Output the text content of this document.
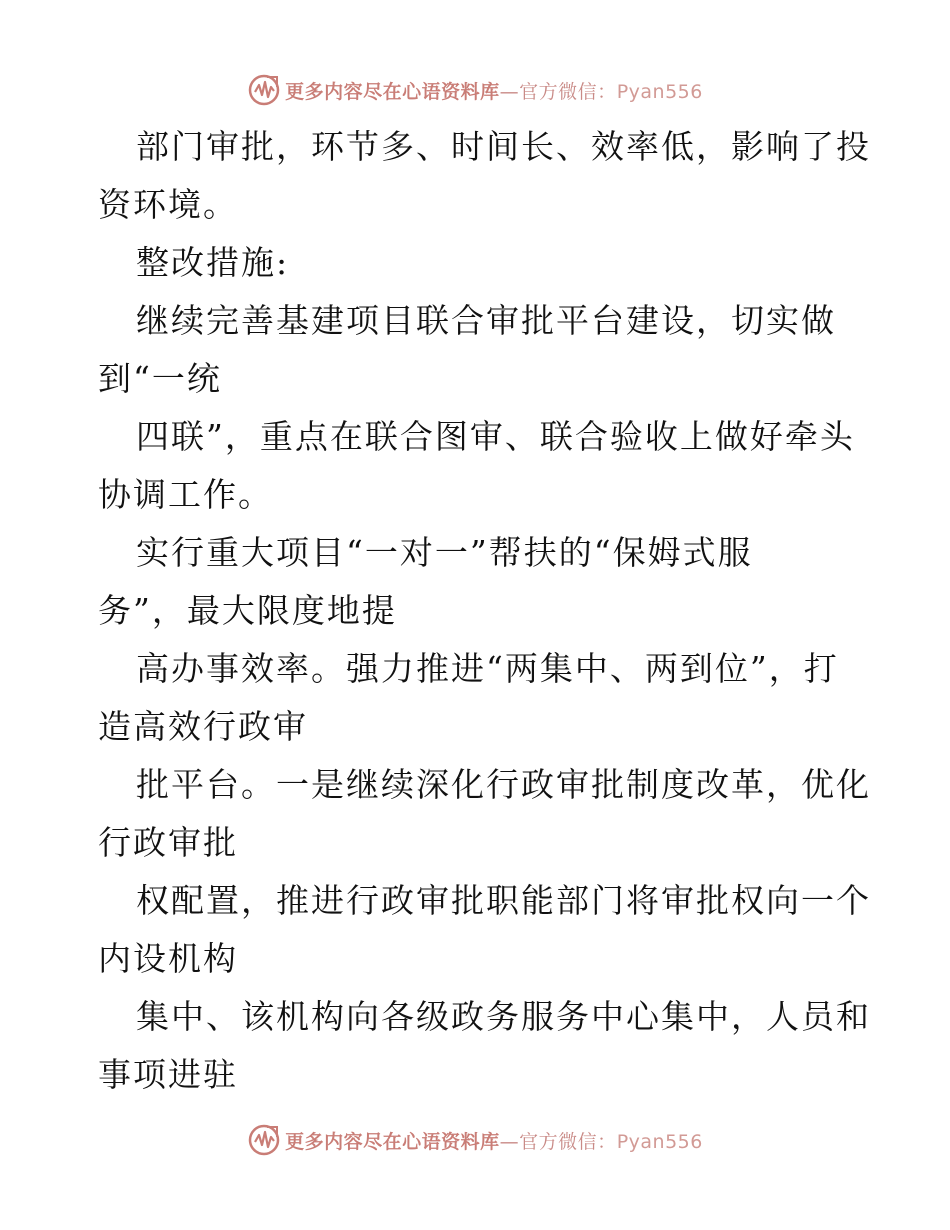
更多内容尽在心语资料库—官方微信：Pyan556
部门审批，环节多、时间长、效率低，影响了投
资环境。
整改措施:
继续完善基建项目联合审批平台建设，切实做
到“一统
四联”，重点在联合图审、联合验收上做好牵头
协调工作。
实行重大项目“一对一”帮扶的“保姆式服
务”，最大限度地提
高办事效率。强力推进“两集中、两到位”，打
造高效行政审
批平台。一是继续深化行政审批制度改革，优化
行政审批
权配置，推进行政审批职能部门将审批权向一个
内设机构
集中、该机构向各级政务服务中心集中，人员和
事项进驻
更多内容尽在心语资料库—官方微信：Pyan556
